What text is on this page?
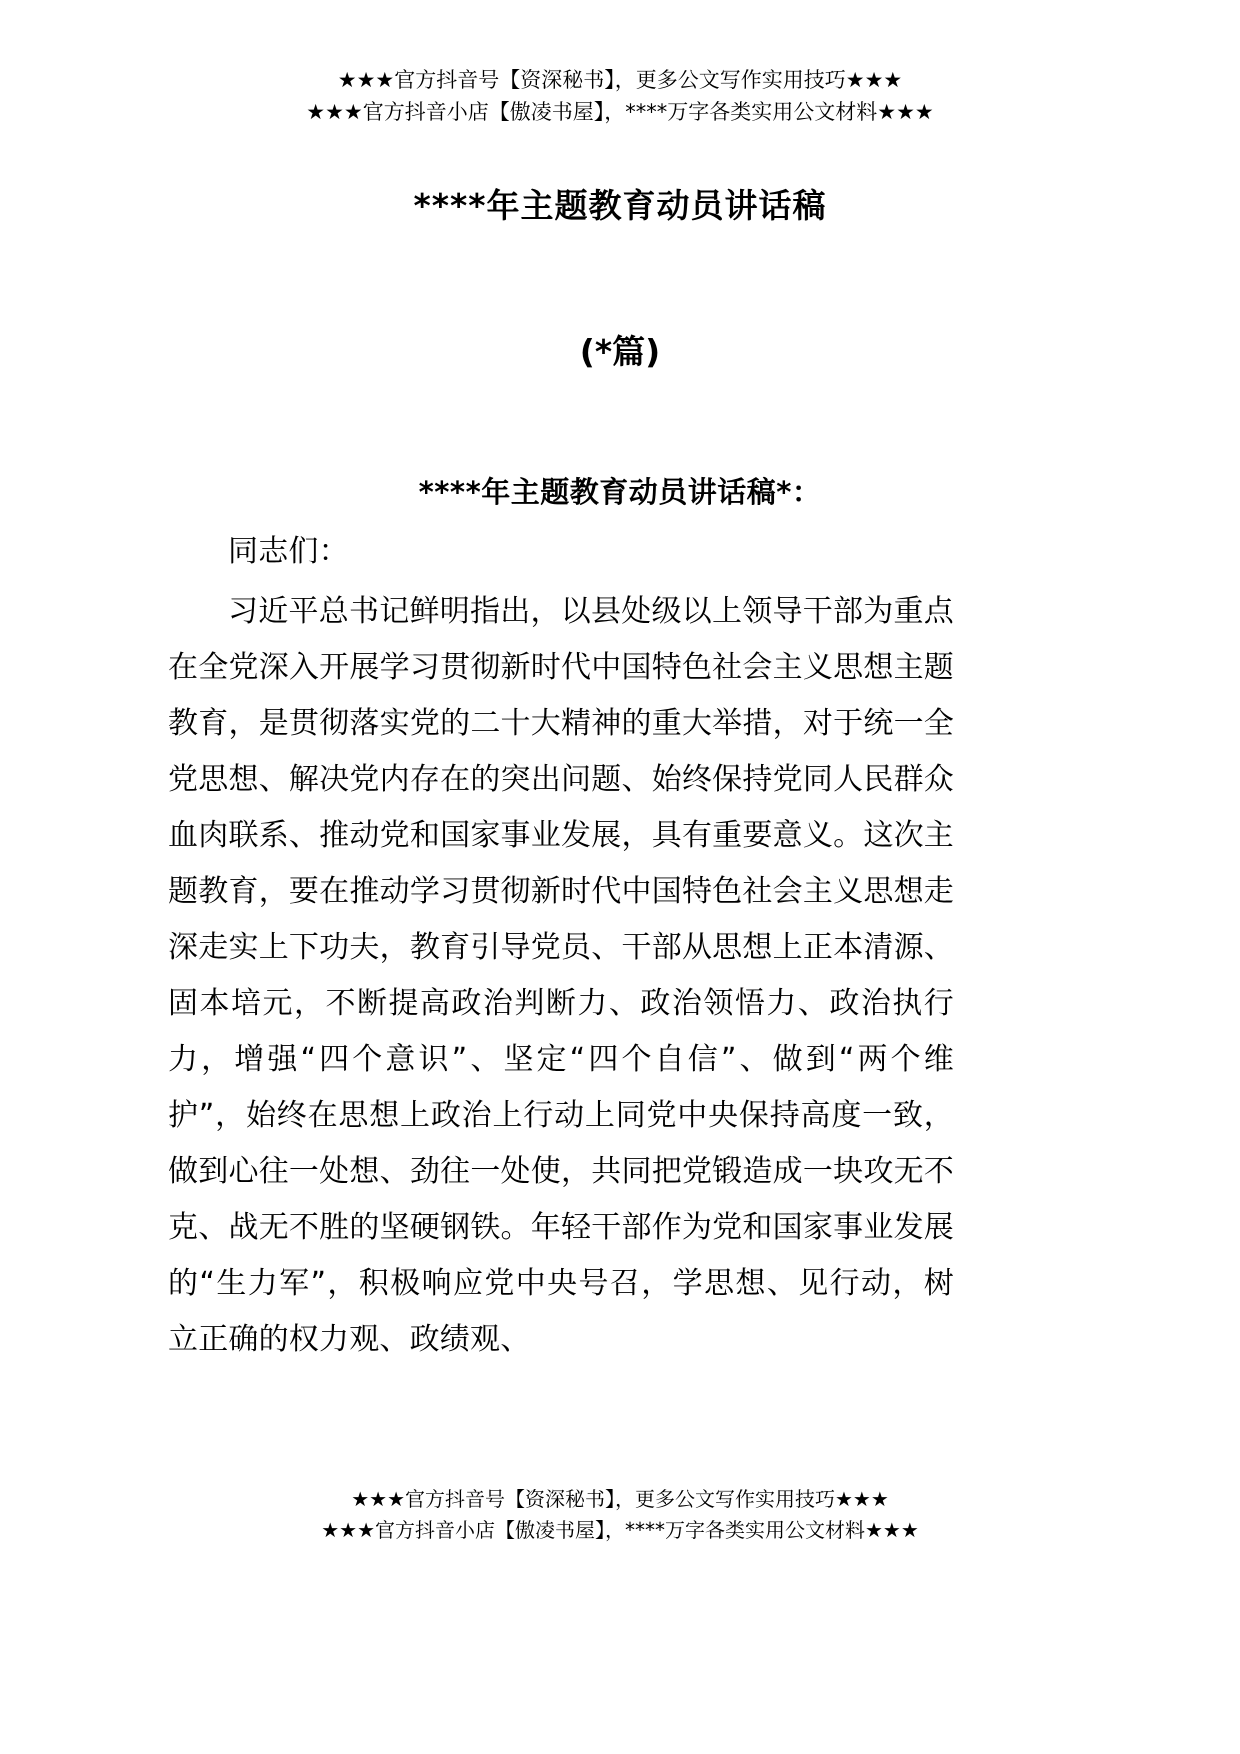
★★★官方抖音号【资深秘书】，更多公文写作实用技巧★★★
★★★官方抖音小店【傲凌书屋】，****万字各类实用公文材料★★★
****年主题教育动员讲话稿
(*篇)
****年主题教育动员讲话稿*：

同志们：

习近平总书记鲜明指出，以县处级以上领导干部为重点在全党深入开展学习贯彻新时代中国特色社会主义思想主题教育，是贯彻落实党的二十大精神的重大举措，对于统一全党思想、解决党内存在的突出问题、始终保持党同人民群众血肉联系、推动党和国家事业发展，具有重要意义。这次主题教育，要在推动学习贯彻新时代中国特色社会主义思想走深走实上下功夫，教育引导党员、干部从思想上正本清源、固本培元，不断提高政治判断力、政治领悟力、政治执行力，增强“四个意识”、坚定“四个自信”、做到“两个维护”，始终在思想上政治上行动上同党中央保持高度一致，做到心往一处想、劲往一处使，共同把党锻造成一块攻无不克、战无不胜的坚硬钢铁。年轻干部作为党和国家事业发展的“生力军”，积极响应党中央号召，学思想、见行动，树立正确的权力观、政绩观、

★★★官方抖音号【资深秘书】，更多公文写作实用技巧★★★
★★★官方抖音小店【傲凌书屋】，****万字各类实用公文材料★★★
